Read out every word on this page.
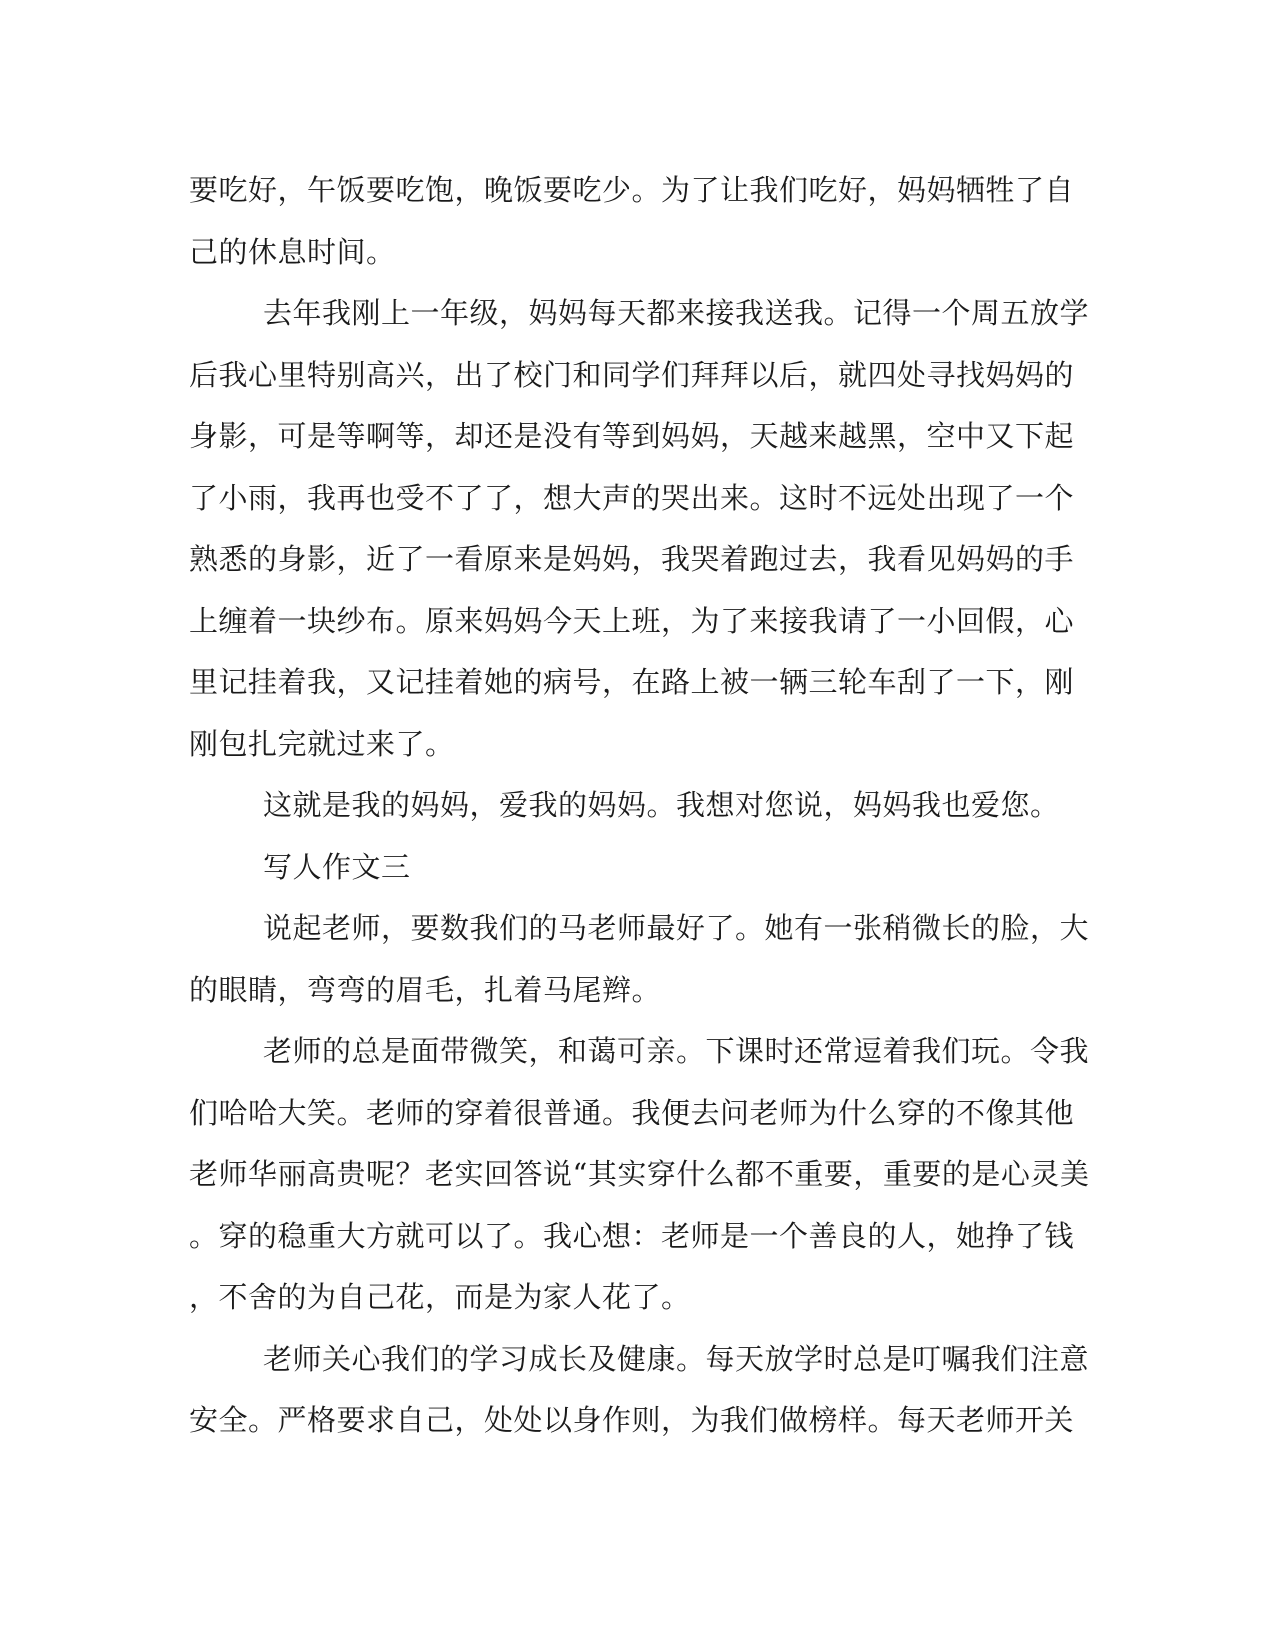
要吃好，午饭要吃饱，晚饭要吃少。为了让我们吃好，妈妈牺牲了自
己的休息时间。
去年我刚上一年级，妈妈每天都来接我送我。记得一个周五放学
后我心里特别高兴，出了校门和同学们拜拜以后，就四处寻找妈妈的
身影，可是等啊等，却还是没有等到妈妈，天越来越黑，空中又下起
了小雨，我再也受不了了，想大声的哭出来。这时不远处出现了一个
熟悉的身影，近了一看原来是妈妈，我哭着跑过去，我看见妈妈的手
上缠着一块纱布。原来妈妈今天上班，为了来接我请了一小回假，心
里记挂着我，又记挂着她的病号，在路上被一辆三轮车刮了一下，刚
刚包扎完就过来了。
这就是我的妈妈，爱我的妈妈。我想对您说，妈妈我也爱您。
写人作文三
说起老师，要数我们的马老师最好了。她有一张稍微长的脸，大
的眼睛，弯弯的眉毛，扎着马尾辫。
老师的总是面带微笑，和蔼可亲。下课时还常逗着我们玩。令我
们哈哈大笑。老师的穿着很普通。我便去问老师为什么穿的不像其他
老师华丽高贵呢？老实回答说“其实穿什么都不重要，重要的是心灵美
。穿的稳重大方就可以了。我心想：老师是一个善良的人，她挣了钱
，不舍的为自己花，而是为家人花了。
老师关心我们的学习成长及健康。每天放学时总是叮嘱我们注意
安全。严格要求自己，处处以身作则，为我们做榜样。每天老师开关
